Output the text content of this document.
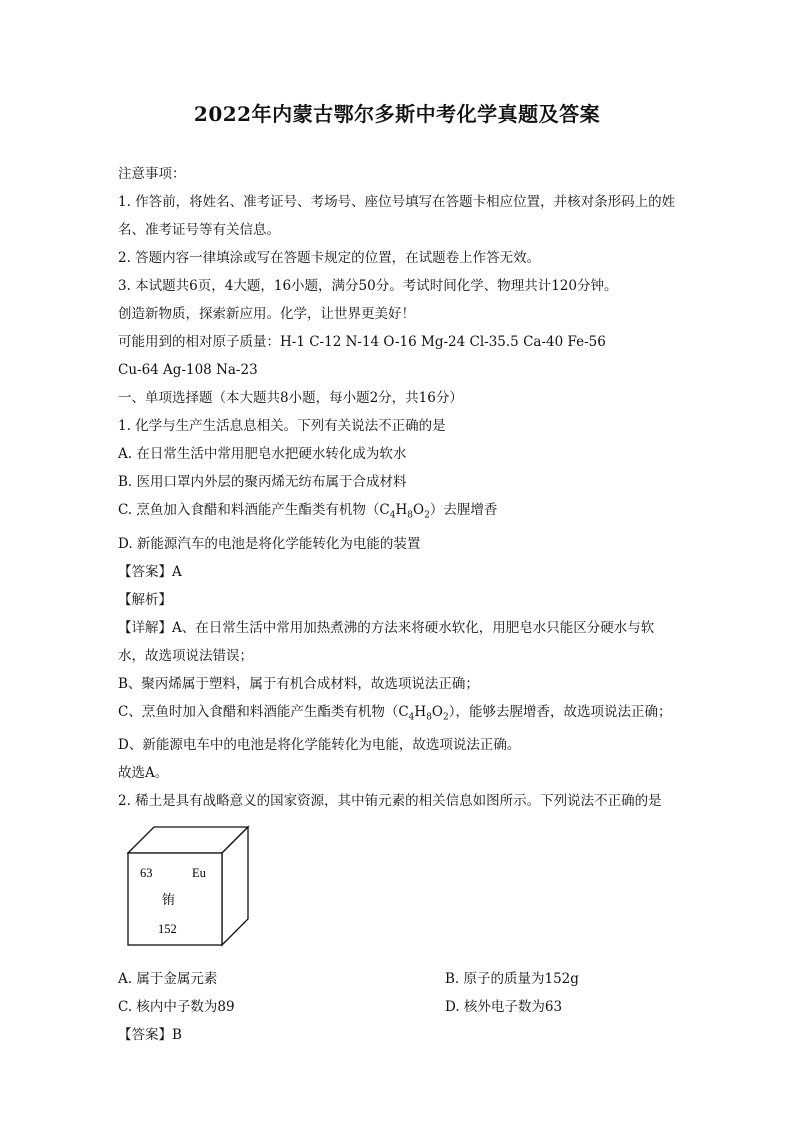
2022年内蒙古鄂尔多斯中考化学真题及答案
注意事项：
1. 作答前，将姓名、准考证号、考场号、座位号填写在答题卡相应位置，并核对条形码上的姓名、准考证号等有关信息。
2. 答题内容一律填涂或写在答题卡规定的位置，在试题卷上作答无效。
3. 本试题共6页，4大题，16小题，满分50分。考试时间化学、物理共计120分钟。
创造新物质，探索新应用。化学，让世界更美好！
可能用到的相对原子质量：H-1 C-12 N-14 O-16 Mg-24 Cl-35.5 Ca-40 Fe-56
Cu-64 Ag-108 Na-23
一、单项选择题（本大题共8小题，每小题2分，共16分）
1. 化学与生产生活息息相关。下列有关说法不正确的是
A. 在日常生活中常用肥皂水把硬水转化成为软水
B. 医用口罩内外层的聚丙烯无纺布属于合成材料
C. 烹鱼加入食醋和料酒能产生酯类有机物$(C_4H_8O_2)$去腥增香
D. 新能源汽车的电池是将化学能转化为电能的装置
【答案】A
【解析】
【详解】A、在日常生活中常用加热煮沸的方法来将硬水软化，用肥皂水只能区分硬水与软水，故选项说法错误；
B、聚丙烯属于塑料，属于有机合成材料，故选项说法正确；
C、烹鱼时加入食醋和料酒能产生酯类有机物$(C_4H_8O_2)$，能够去腥增香，故选项说法正确；
D、新能源电车中的电池是将化学能转化为电能，故选项说法正确。
故选A。
2. 稀土是具有战略意义的国家资源，其中铕元素的相关信息如图所示。下列说法不正确的是
63	Eu
铕
152
A. 属于金属元素	B. 原子的质量为152g
C. 核内中子数为89	D. 核外电子数为63
【答案】B
